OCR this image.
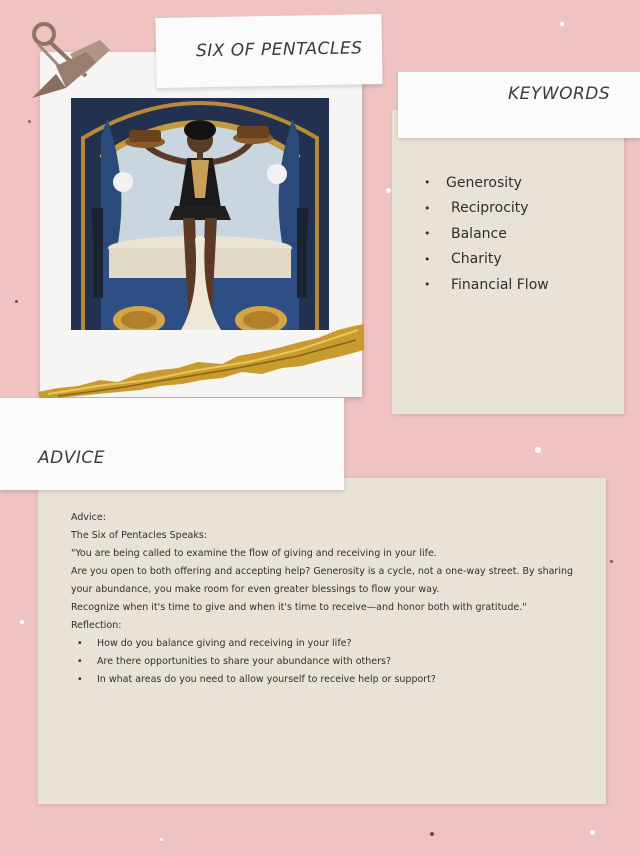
SIX OF PENTACLES
KEYWORDS
• Generosity
•	Reciprocity
•	Balance
•	Charity
•	Financial Flow
ADVICE

Advice:

The Six of Pentacles Speaks:

"You are being called to examine the flow of giving and receiving in your life.

Are you open to both offering and accepting help? Generosity is a cycle, not a one-way street. By sharing your abundance, you make room for even greater blessings to flow your way.

Recognize when it's time to give and when it's time to receive—and honor both with gratitude."

Reflection:

• How do you balance giving and receiving in your life?
• Are there opportunities to share your abundance with others?
• In what areas do you need to allow yourself to receive help or support?
